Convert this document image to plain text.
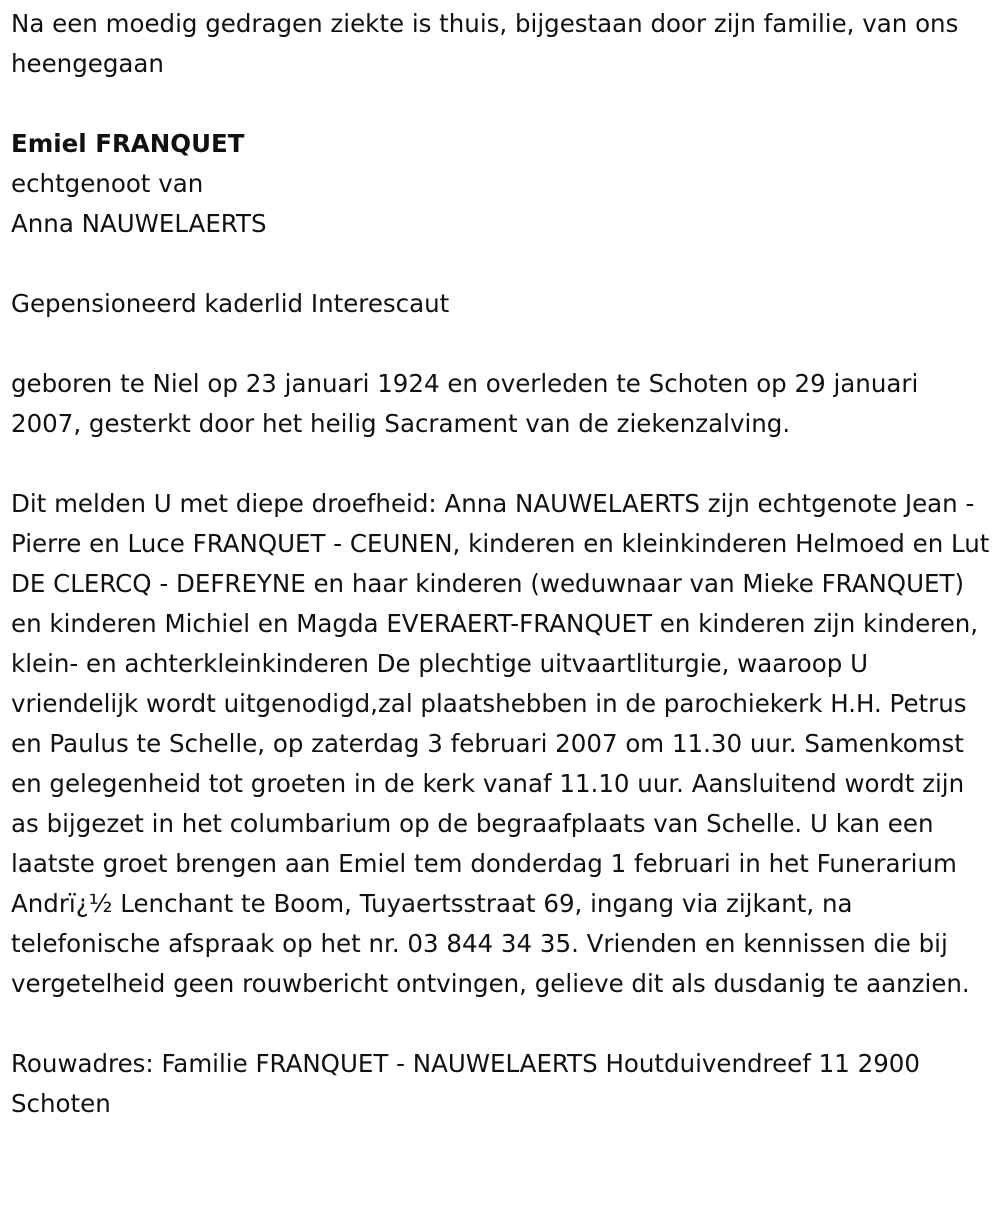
Na een moedig gedragen ziekte is thuis, bijgestaan door zijn familie, van ons heengegaan

Emiel FRANQUET

echtgenoot van

Anna NAUWELAERTS

Gepensioneerd kaderlid Interescaut

geboren te Niel op 23 januari 1924 en overleden te Schoten op 29 januari 2007, gesterkt door het heilig Sacrament van de ziekenzalving.

Dit melden U met diepe droefheid: Anna NAUWELAERTS zijn echtgenote Jean - Pierre en Luce FRANQUET - CEUNEN, kinderen en kleinkinderen Helmoed en Lut DE CLERCQ - DEFREYNE en haar kinderen (weduwnaar van Mieke FRANQUET) en kinderen Michiel en Magda EVERAERT-FRANQUET en kinderen zijn kinderen, klein- en achterkleinkinderen De plechtige uitvaartliturgie, waaroop U vriendelijk wordt uitgenodigd,zal plaatshebben in de parochiekerk H.H. Petrus en Paulus te Schelle, op zaterdag 3 februari 2007 om 11.30 uur. Samenkomst en gelegenheid tot groeten in de kerk vanaf 11.10 uur. Aansluitend wordt zijn as bijgezet in het columbarium op de begraafplaats van Schelle. U kan een laatste groet brengen aan Emiel tem donderdag 1 februari in het Funerarium Andrï¿½ Lenchant te Boom, Tuyaertsstraat 69, ingang via zijkant, na telefonische afspraak op het nr. 03 844 34 35. Vrienden en kennissen die bij vergetelheid geen rouwbericht ontvingen, gelieve dit als dusdanig te aanzien.

Rouwadres: Familie FRANQUET - NAUWELAERTS Houtduivendreef 11 2900 Schoten
